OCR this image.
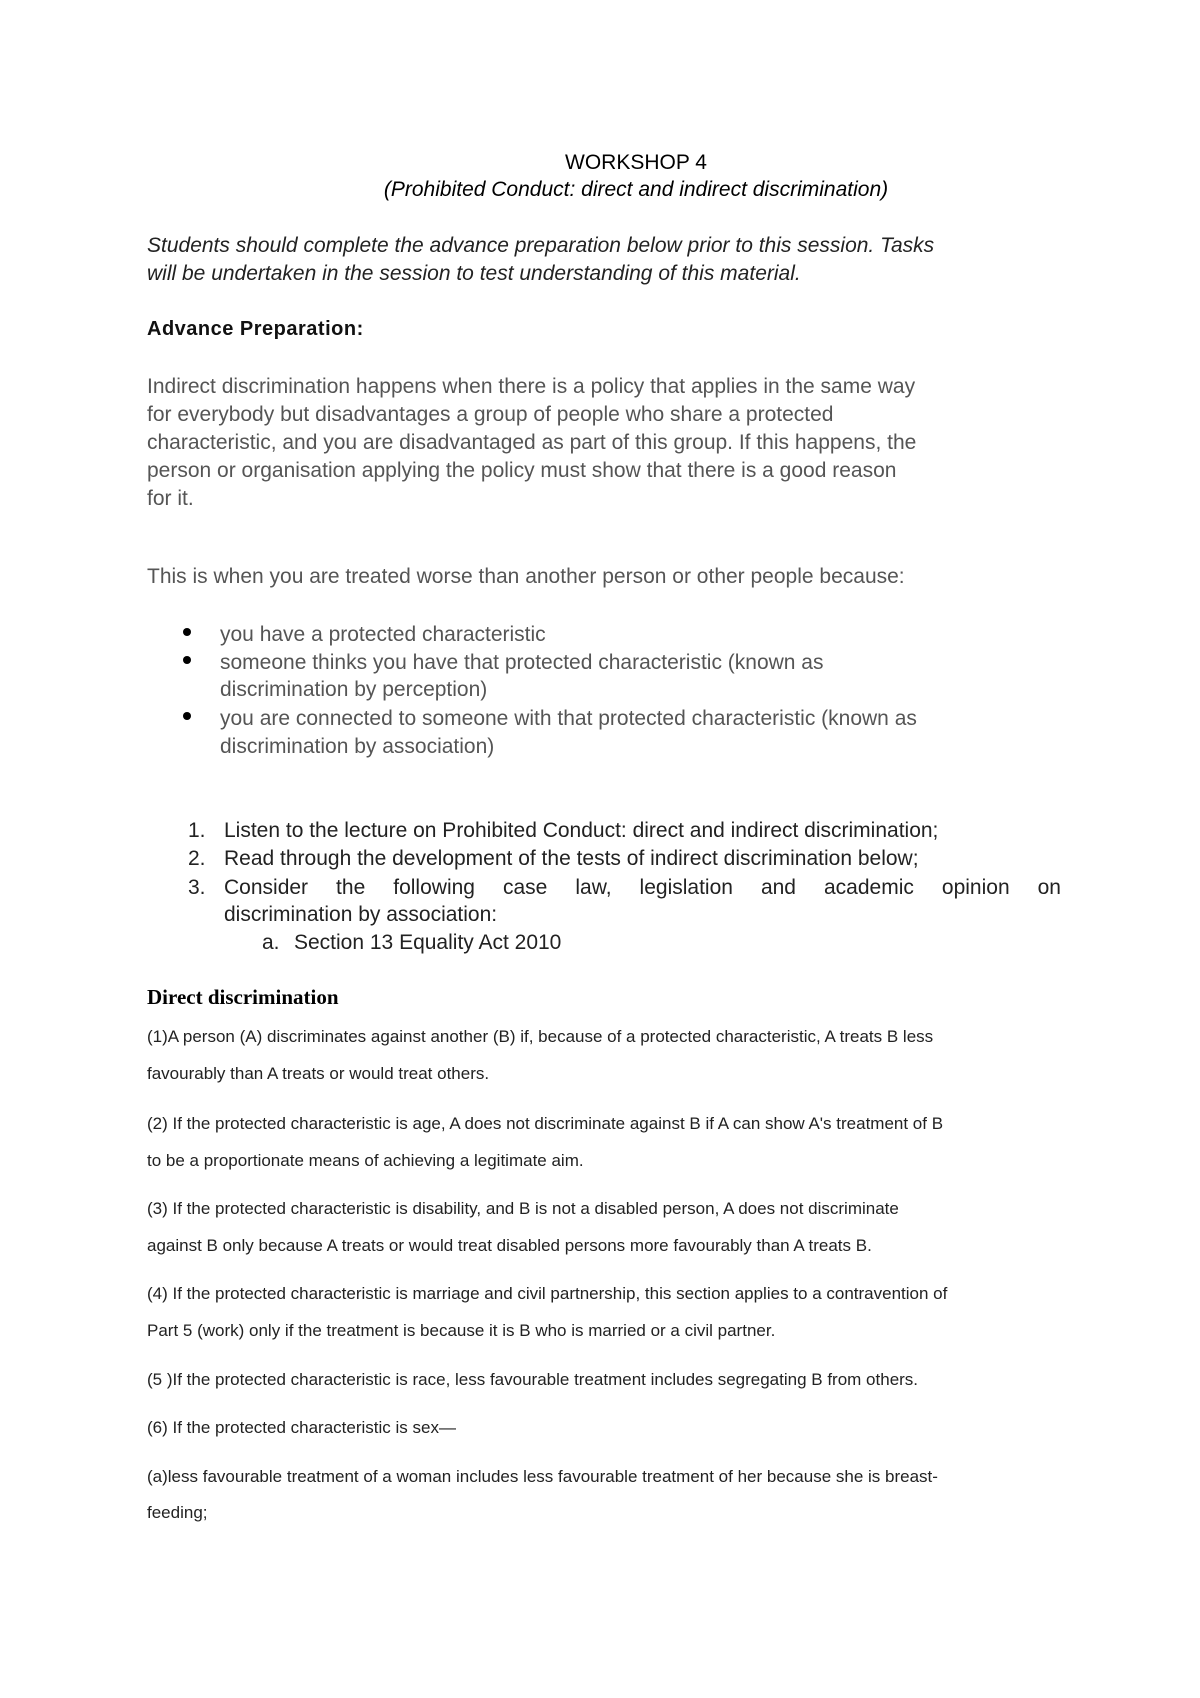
WORKSHOP 4
(Prohibited Conduct: direct and indirect discrimination)
Students should complete the advance preparation below prior to this session. Tasks
will be undertaken in the session to test understanding of this material.
Advance Preparation:
Indirect discrimination happens when there is a policy that applies in the same way
for everybody but disadvantages a group of people who share a protected
characteristic, and you are disadvantaged as part of this group. If this happens, the
person or organisation applying the policy must show that there is a good reason
for it.
This is when you are treated worse than another person or other people because:
you have a protected characteristic
someone thinks you have that protected characteristic (known as
discrimination by perception)
you are connected to someone with that protected characteristic (known as
discrimination by association)
1. Listen to the lecture on Prohibited Conduct: direct and indirect discrimination;
2. Read through the development of the tests of indirect discrimination below;
3. Consider the following case law, legislation and academic opinion on
discrimination by association:
a. Section 13 Equality Act 2010
Direct discrimination
(1)A person (A) discriminates against another (B) if, because of a protected characteristic, A treats B less
favourably than A treats or would treat others.
(2) If the protected characteristic is age, A does not discriminate against B if A can show A's treatment of B
to be a proportionate means of achieving a legitimate aim.
(3) If the protected characteristic is disability, and B is not a disabled person, A does not discriminate
against B only because A treats or would treat disabled persons more favourably than A treats B.
(4) If the protected characteristic is marriage and civil partnership, this section applies to a contravention of
Part 5 (work) only if the treatment is because it is B who is married or a civil partner.
(5 )If the protected characteristic is race, less favourable treatment includes segregating B from others.
(6) If the protected characteristic is sex—
(a)less favourable treatment of a woman includes less favourable treatment of her because she is breast-
feeding;
